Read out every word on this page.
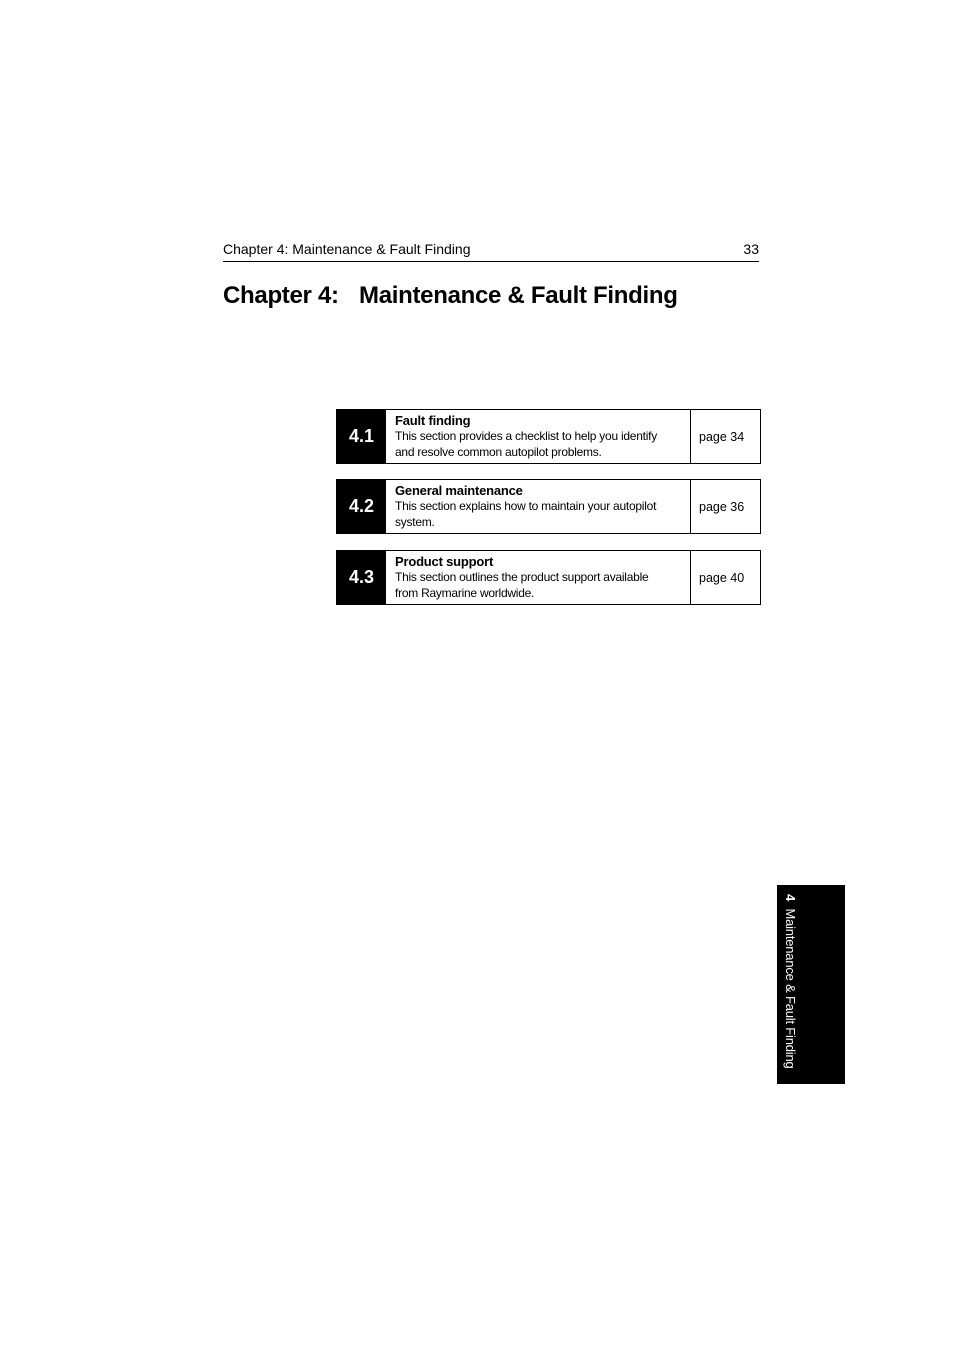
Chapter 4: Maintenance & Fault Finding	33
Chapter 4: Maintenance & Fault Finding
4.1
Fault finding
This section provides a checklist to help you identify
and resolve common autopilot problems.
page 34
4.2
General maintenance
This section explains how to maintain your autopilot
system.
page 36
4.3
Product support
This section outlines the product support available
from Raymarine worldwide.
page 40
4 Maintenance & Fault Finding
